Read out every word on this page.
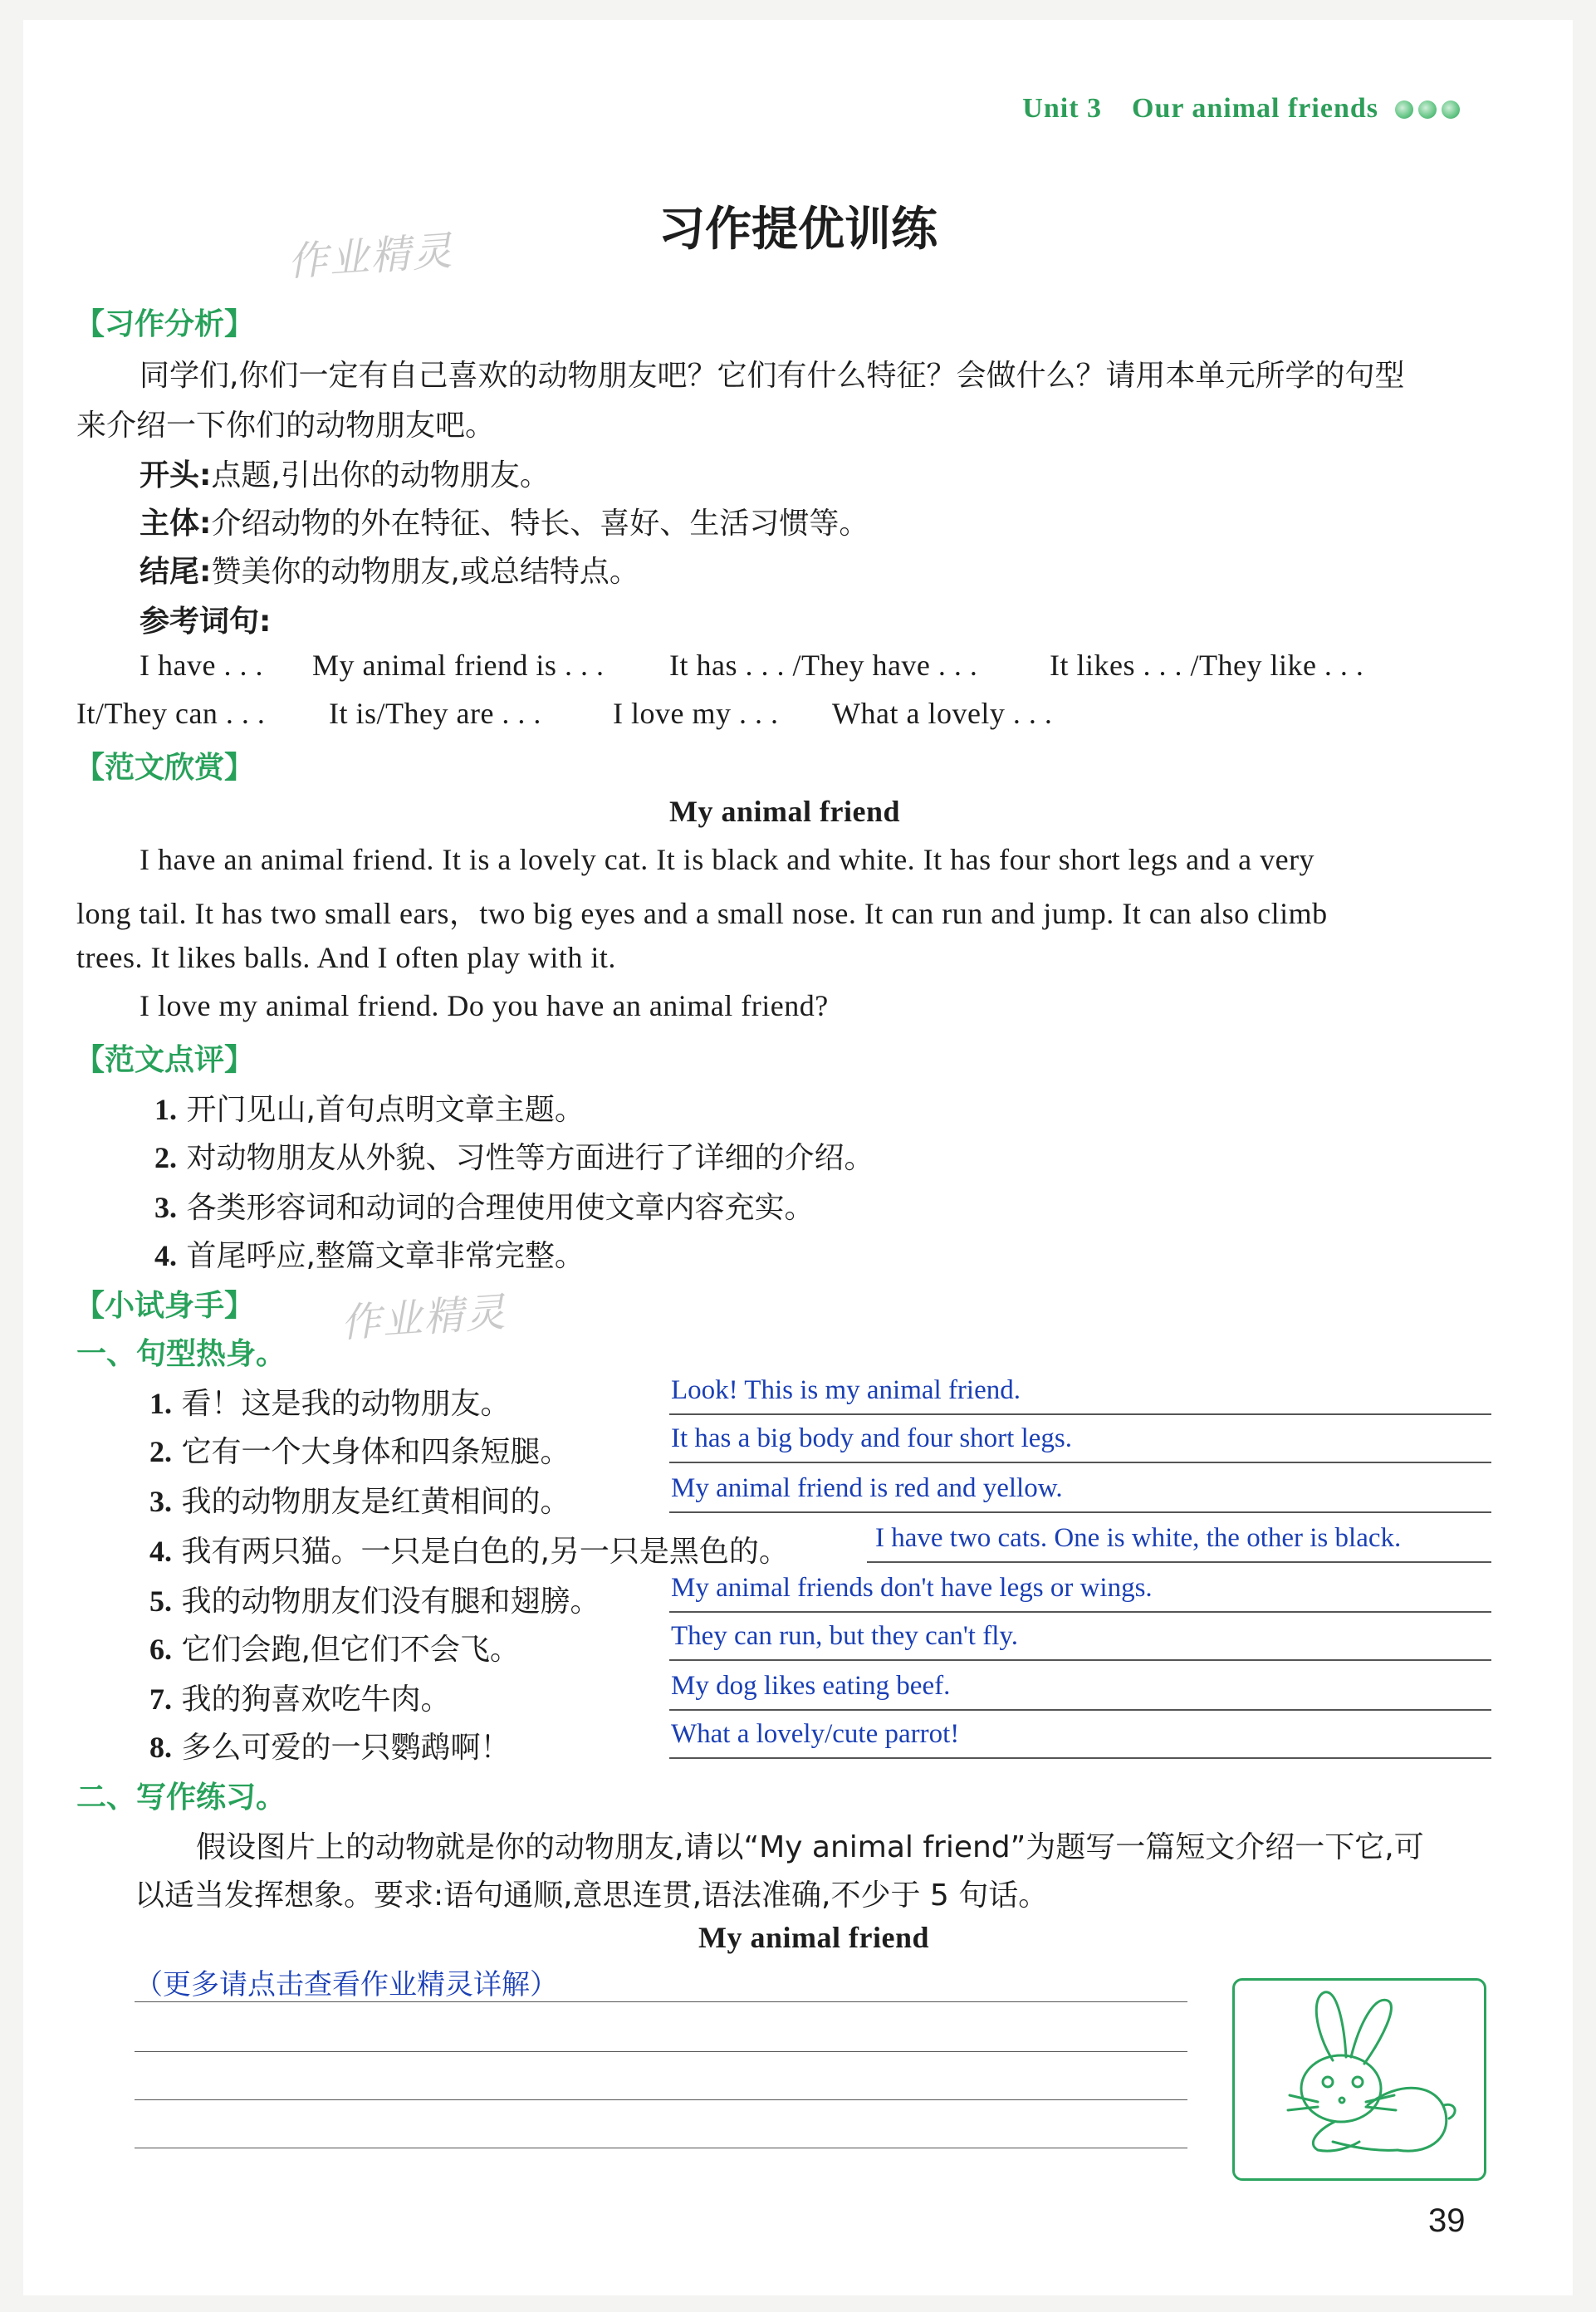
Unit 3 Our animal friends
习作提优训练
作业精灵
【习作分析】
同学们,你们一定有自己喜欢的动物朋友吧？它们有什么特征？会做什么？请用本单元所学的句型
来介绍一下你们的动物朋友吧。
开头:点题,引出你的动物朋友。
主体:介绍动物的外在特征、特长、喜好、生活习惯等。
结尾:赞美你的动物朋友,或总结特点。
参考词句:
I have . . . My animal friend is . . . It has . . . /They have . . . It likes . . . /They like . . .
It/They can . . . It is/They are . . . I love my . . . What a lovely . . .
【范文欣赏】
My animal friend
I have an animal friend. It is a lovely cat. It is black and white. It has four short legs and a very
long tail. It has two small ears，two big eyes and a small nose. It can run and jump. It can also climb
trees. It likes balls. And I often play with it.
I love my animal friend. Do you have an animal friend?
【范文点评】
1. 开门见山,首句点明文章主题。
2. 对动物朋友从外貌、习性等方面进行了详细的介绍。
3. 各类形容词和动词的合理使用使文章内容充实。
4. 首尾呼应,整篇文章非常完整。
【小试身手】 作业精灵
一、句型热身。
1. 看！这是我的动物朋友。	Look! This is my animal friend.
2. 它有一个大身体和四条短腿。	It has a big body and four short legs.
3. 我的动物朋友是红黄相间的。	My animal friend is red and yellow.
4. 我有两只猫。一只是白色的,另一只是黑色的。	I have two cats. One is white, the other is black.
5. 我的动物朋友们没有腿和翅膀。	My animal friends don't have legs or wings.
6. 它们会跑,但它们不会飞。	They can run, but they can't fly.
7. 我的狗喜欢吃牛肉。	My dog likes eating beef.
8. 多么可爱的一只鹦鹉啊！	What a lovely/cute parrot!
二、写作练习。
假设图片上的动物就是你的动物朋友,请以“My animal friend”为题写一篇短文介绍一下它,可
以适当发挥想象。要求:语句通顺,意思连贯,语法准确,不少于 5 句话。
My animal friend
（更多请点击查看作业精灵详解）
39
